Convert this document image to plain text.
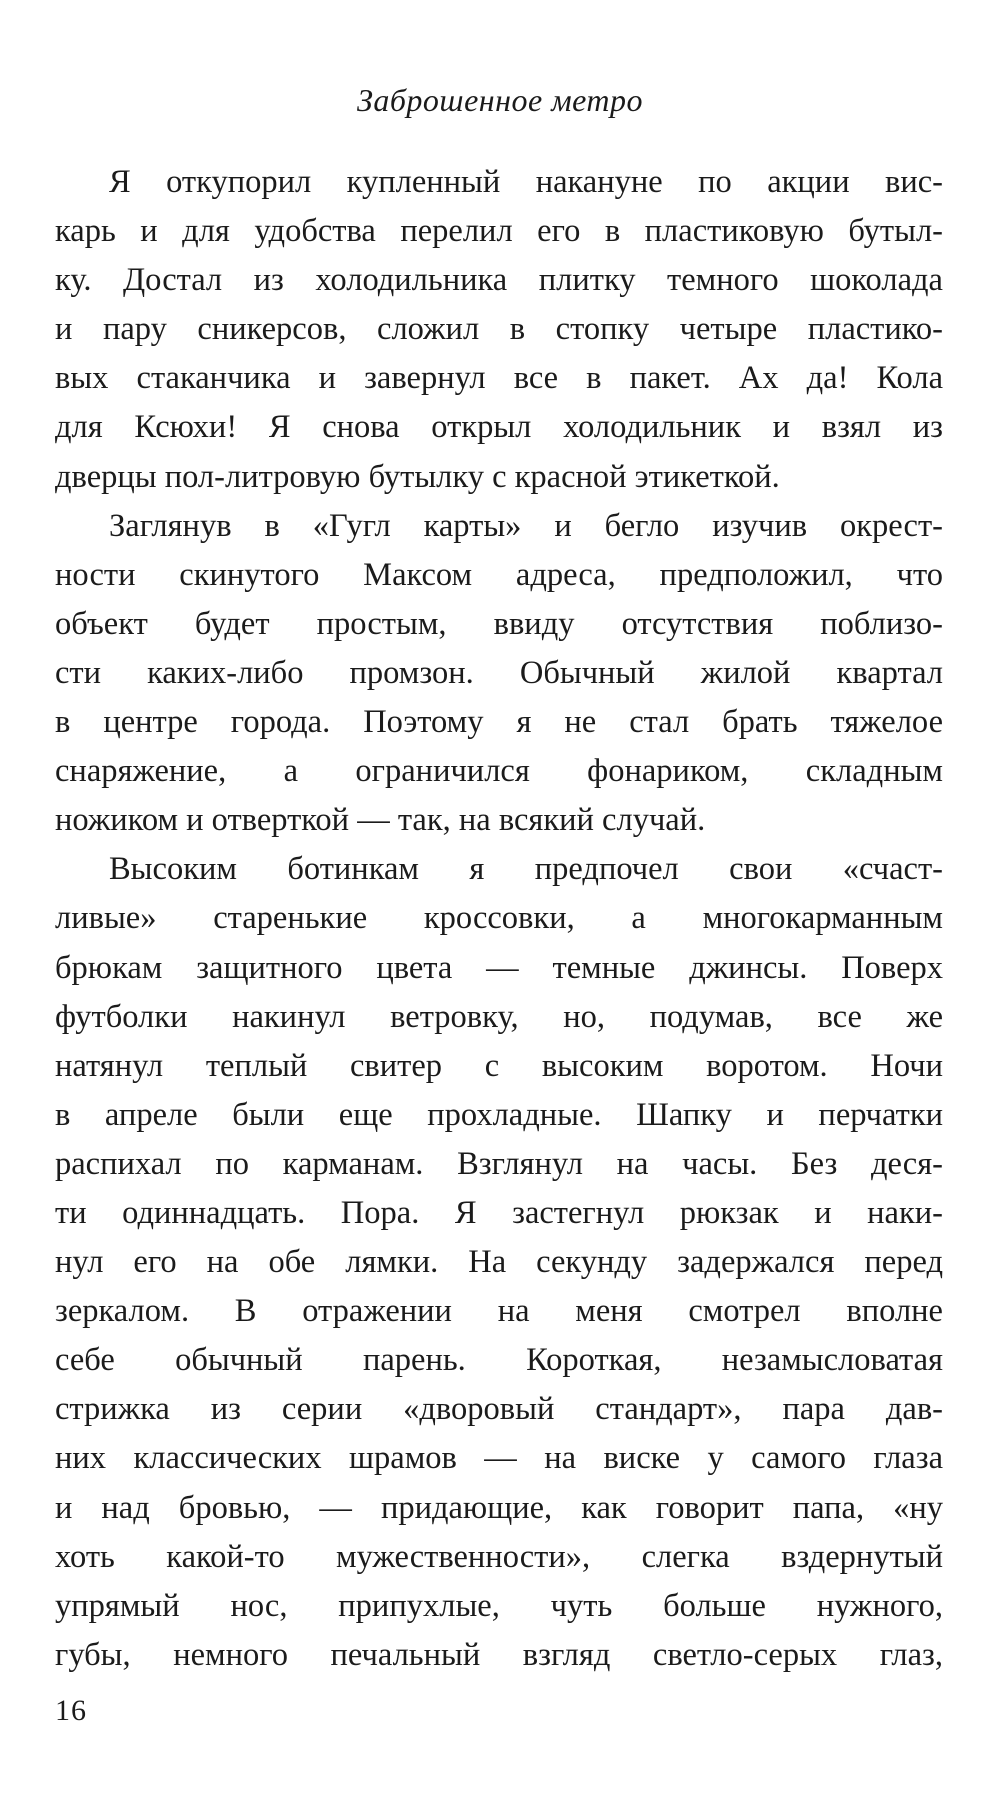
Заброшенное метро
Я откупорил купленный накануне по акции вис-
карь и для удобства перелил его в пластиковую бутыл-
ку. Достал из холодильника плитку темного шоколада
и пару сникерсов, сложил в стопку четыре пластико-
вых стаканчика и завернул все в пакет. Ах да! Кола
для Ксюхи! Я снова открыл холодильник и взял из
дверцы пол-литровую бутылку с красной этикеткой.
Заглянув в «Гугл карты» и бегло изучив окрест-
ности скинутого Максом адреса, предположил, что
объект будет простым, ввиду отсутствия поблизо-
сти каких-либо промзон. Обычный жилой квартал
в центре города. Поэтому я не стал брать тяжелое
снаряжение, а ограничился фонариком, складным
ножиком и отверткой — так, на всякий случай.
Высоким ботинкам я предпочел свои «счаст-
ливые» старенькие кроссовки, а многокарманным
брюкам защитного цвета — темные джинсы. Поверх
футболки накинул ветровку, но, подумав, все же
натянул теплый свитер с высоким воротом. Ночи
в апреле были еще прохладные. Шапку и перчатки
распихал по карманам. Взглянул на часы. Без деся-
ти одиннадцать. Пора. Я застегнул рюкзак и наки-
нул его на обе лямки. На секунду задержался перед
зеркалом. В отражении на меня смотрел вполне
себе обычный парень. Короткая, незамысловатая
стрижка из серии «дворовый стандарт», пара дав-
них классических шрамов — на виске у самого глаза
и над бровью, — придающие, как говорит папа, «ну
хоть какой-то мужественности», слегка вздернутый
упрямый нос, припухлые, чуть больше нужного,
губы, немного печальный взгляд светло-серых глаз,
16
